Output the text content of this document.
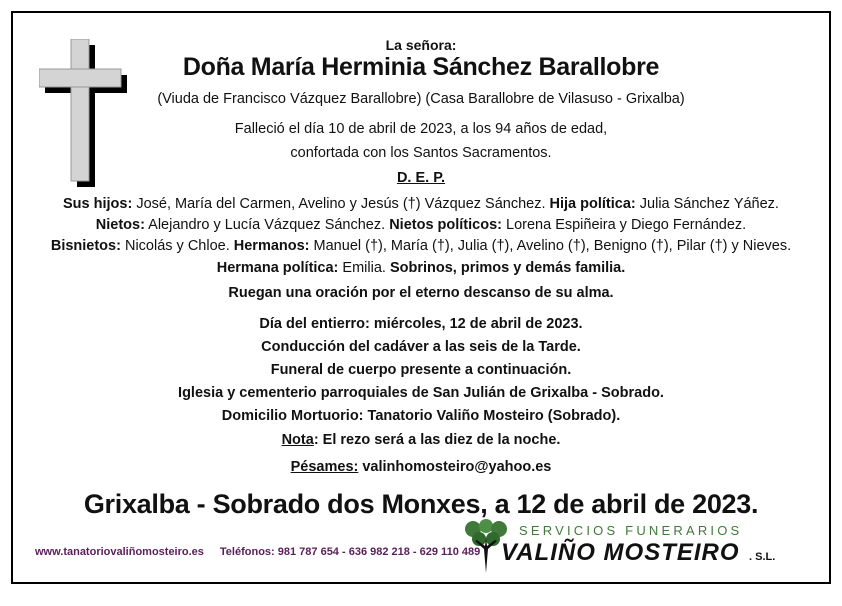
La señora:
Doña María Herminia Sánchez Barallobre
(Viuda de Francisco Vázquez Barallobre) (Casa Barallobre de Vilasuso - Grixalba)
Falleció el día 10 de abril de 2023, a los 94 años de edad,
confortada con los Santos Sacramentos.
D. E. P.
Sus hijos: José, María del Carmen, Avelino y Jesús (†) Vázquez Sánchez. Hija política: Julia Sánchez Yáñez.
Nietos: Alejandro y Lucía Vázquez Sánchez. Nietos políticos: Lorena Espiñeira y Diego Fernández.
Bisnietos: Nicolás y Chloe. Hermanos: Manuel (†), María (†), Julia (†), Avelino (†), Benigno (†), Pilar (†) y Nieves.
Hermana política: Emilia. Sobrinos, primos y demás familia.
Ruegan una oración por el eterno descanso de su alma.
Día del entierro: miércoles, 12 de abril de 2023.
Conducción del cadáver a las seis de la Tarde.
Funeral de cuerpo presente a continuación.
Iglesia y cementerio parroquiales de San Julián de Grixalba - Sobrado.
Domicilio Mortuorio: Tanatorio Valiño Mosteiro (Sobrado).
Nota: El rezo será a las diez de la noche.
Pésames: valinhomosteiro@yahoo.es
Grixalba - Sobrado dos Monxes, a 12 de abril de 2023.
www.tanatoriovaliñomosteiro.es Teléfonos: 981 787 654 - 636 982 218 - 629 110 489
SERVICIOS FUNERARIOS
VALIÑO MOSTEIRO . S.L.
